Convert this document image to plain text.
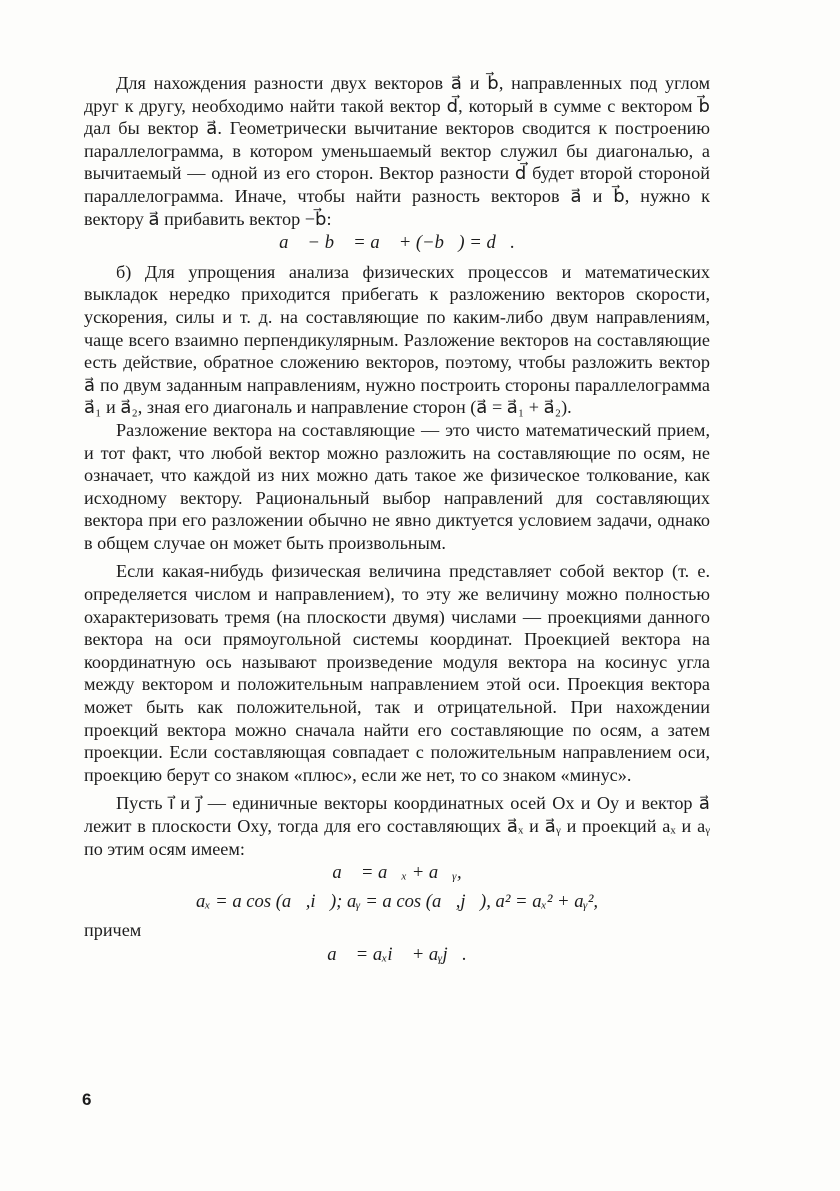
Для нахождения разности двух векторов a⃗ и b⃗, направленных под углом друг к другу, необходимо найти такой вектор d⃗, который в сумме с вектором b⃗ дал бы вектор a⃗. Геометрически вычитание векторов сводится к построению параллелограмма, в котором уменьшаемый вектор служил бы диагональю, а вычитаемый — одной из его сторон. Вектор разности d⃗ будет второй стороной параллелограмма. Иначе, чтобы найти разность векторов a⃗ и b⃗, нужно к вектору a⃗ прибавить вектор −b⃗:

a⃗ − b⃗ = a⃗ + (−b⃗) = d⃗.

б) Для упрощения анализа физических процессов и математических выкладок нередко приходится прибегать к разложению векторов скорости, ускорения, силы и т. д. на составляющие по каким-либо двум направлениям, чаще всего взаимно перпендикулярным. Разложение векторов на составляющие есть действие, обратное сложению векторов, поэтому, чтобы разложить вектор a⃗ по двум заданным направлениям, нужно построить стороны параллелограмма a⃗₁ и a⃗₂, зная его диагональ и направление сторон (a⃗ = a⃗₁ + a⃗₂).

Разложение вектора на составляющие — это чисто математический прием, и тот факт, что любой вектор можно разложить на составляющие по осям, не означает, что каждой из них можно дать такое же физическое толкование, как исходному вектору. Рациональный выбор направлений для составляющих вектора при его разложении обычно не явно диктуется условием задачи, однако в общем случае он может быть произвольным.

Если какая-нибудь физическая величина представляет собой вектор (т. е. определяется числом и направлением), то эту же величину можно полностью охарактеризовать тремя (на плоскости двумя) числами — проекциями данного вектора на оси прямоугольной системы координат. Проекцией вектора на координатную ось называют произведение модуля вектора на косинус угла между вектором и положительным направлением этой оси. Проекция вектора может быть как положительной, так и отрицательной. При нахождении проекций вектора можно сначала найти его составляющие по осям, а затем проекции. Если составляющая совпадает с положительным направлением оси, проекцию берут со знаком «плюс», если же нет, то со знаком «минус».

Пусть i⃗ и j⃗ — единичные векторы координатных осей Ox и Oy и вектор a⃗ лежит в плоскости Oxy, тогда для его составляющих a⃗ₓ и a⃗ᵧ и проекций aₓ и aᵧ по этим осям имеем:

a⃗ = a⃗ₓ + a⃗ᵧ,
aₓ = a cos (a⃗,i⃗); aᵧ = a cos (a⃗,j⃗), a² = aₓ² + aᵧ²,

причем

a⃗ = aₓi⃗ + aᵧj⃗.
6
